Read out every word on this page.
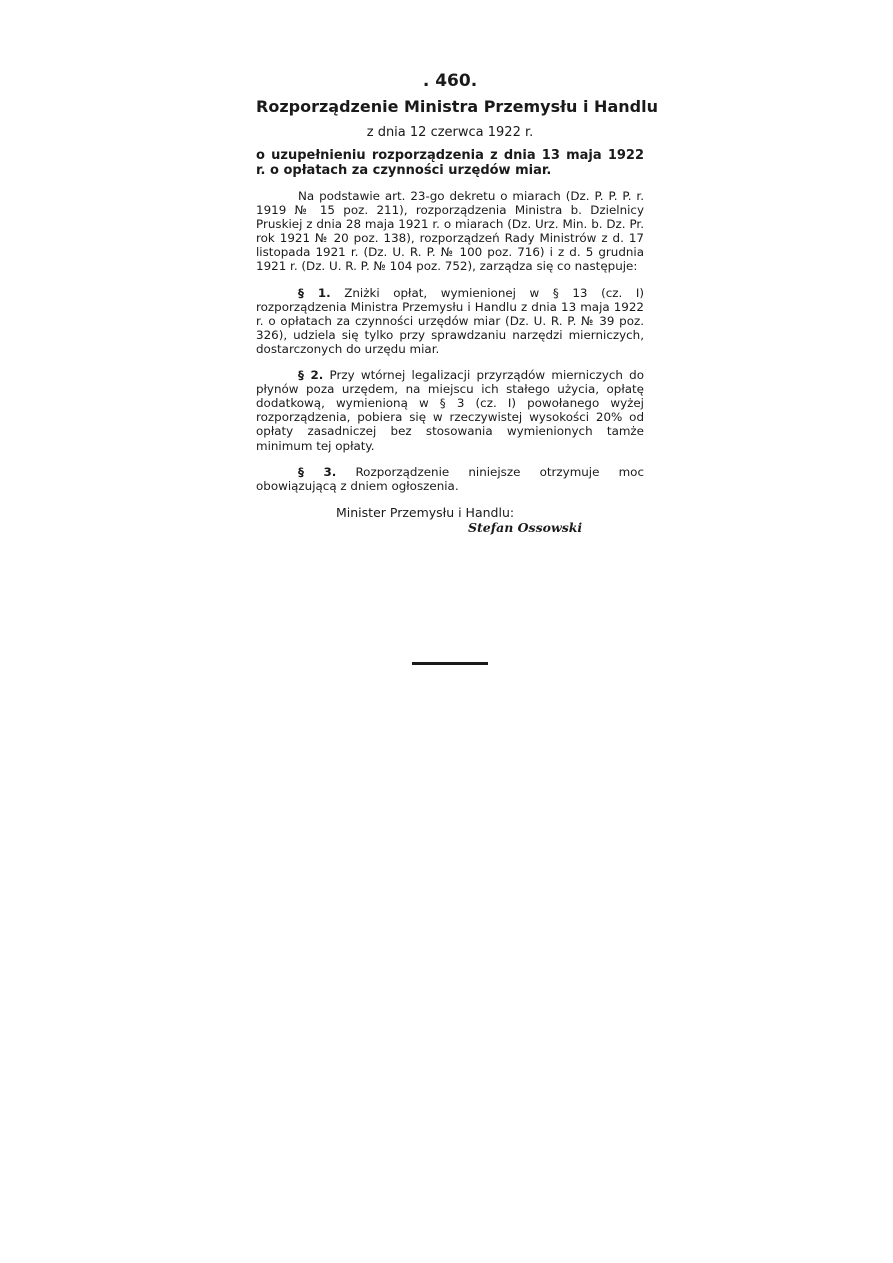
. 460.
Rozporządzenie Ministra Przemysłu i Handlu
z dnia 12 czerwca 1922 r.
o uzupełnieniu rozporządzenia z dnia 13 maja 1922 r. o opłatach za czynności urzędów miar.
Na podstawie art. 23-go dekretu o miarach (Dz. P. P. P. r. 1919 № 15 poz. 211), rozporządzenia Ministra b. Dzielnicy Pruskiej z dnia 28 maja 1921 r. o miarach (Dz. Urz. Min. b. Dz. Pr. rok 1921 № 20 poz. 138), rozporządzeń Rady Ministrów z d. 17 listopada 1921 r. (Dz. U. R. P. № 100 poz. 716) i z d. 5 grudnia 1921 r. (Dz. U. R. P. № 104 poz. 752), zarządza się co następuje:
§ 1. Zniżki opłat, wymienionej w § 13 (cz. I) rozporządzenia Ministra Przemysłu i Handlu z dnia 13 maja 1922 r. o opłatach za czynności urzędów miar (Dz. U. R. P. № 39 poz. 326), udziela się tylko przy sprawdzaniu narzędzi mierniczych, dostarczonych do urzędu miar.
§ 2. Przy wtórnej legalizacji przyrządów mierniczych do płynów poza urzędem, na miejscu ich stałego użycia, opłatę dodatkową, wymienioną w § 3 (cz. I) powołanego wyżej rozporządzenia, pobiera się w rzeczywistej wysokości 20% od opłaty zasadniczej bez stosowania wymienionych tamże minimum tej opłaty.
§ 3. Rozporządzenie niniejsze otrzymuje moc obowiązującą z dniem ogłoszenia.
Minister Przemysłu i Handlu:
Stefan Ossowski
